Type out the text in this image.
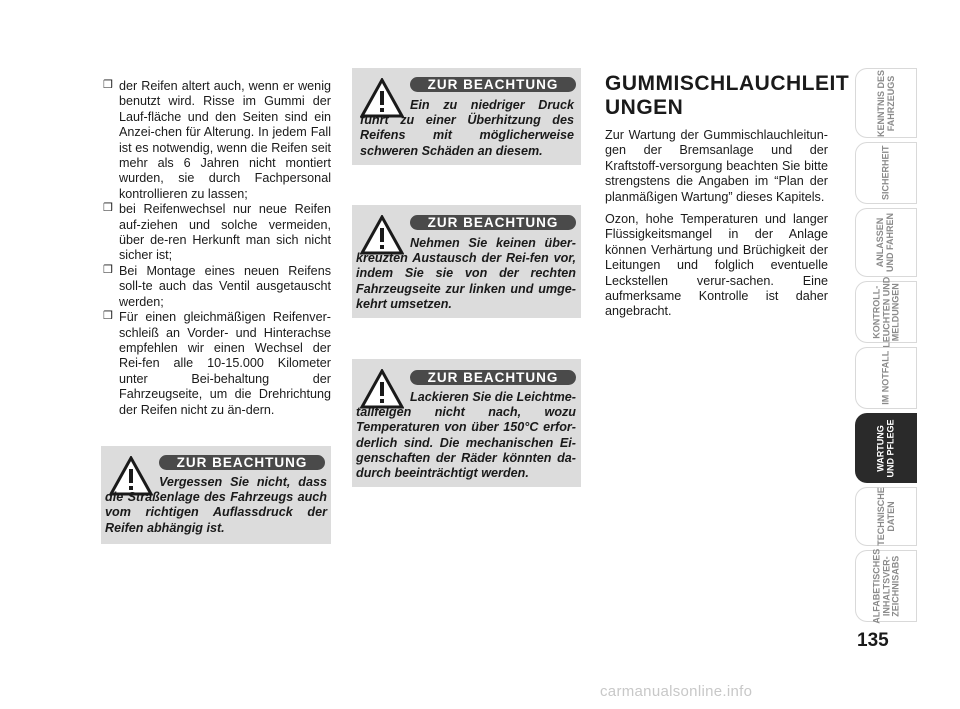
❒ der Reifen altert auch, wenn er wenig benutzt wird. Risse im Gummi der Lauf-fläche und den Seiten sind ein Anzei-chen für Alterung. In jedem Fall ist es notwendig, wenn die Reifen seit mehr als 6 Jahren nicht montiert wurden, sie durch Fachpersonal kontrollieren zu lassen;
❒ bei Reifenwechsel nur neue Reifen auf-ziehen und solche vermeiden, über de-ren Herkunft man sich nicht sicher ist;
❒ Bei Montage eines neuen Reifens soll-te auch das Ventil ausgetauscht werden;
❒ Für einen gleichmäßigen Reifenver-schleiß an Vorder- und Hinterachse empfehlen wir einen Wechsel der Rei-fen alle 10-15.000 Kilometer unter Bei-behaltung der Fahrzeugseite, um die Drehrichtung der Reifen nicht zu än-dern.
ZUR BEACHTUNG
Ein zu niedriger Druck führt zu einer Überhitzung des Reifens mit möglicherweise schweren Schäden an diesem.
ZUR BEACHTUNG
Nehmen Sie keinen über-kreuzten Austausch der Rei-fen vor, indem Sie sie von der rechten Fahrzeugseite zur linken und umge-kehrt umsetzen.
ZUR BEACHTUNG
Lackieren Sie die Leichtme-tallfelgen nicht nach, wozu Temperaturen von über 150°C erfor-derlich sind. Die mechanischen Ei-genschaften der Räder könnten da-durch beeinträchtigt werden.
ZUR BEACHTUNG
Vergessen Sie nicht, dass die Straßenlage des Fahrzeugs auch vom richtigen Auflassdruck der Reifen abhängig ist.
GUMMISCHLAUCHLEIT
UNGEN

Zur Wartung der Gummischlauchleitun-gen der Bremsanlage und der Kraftstoff-versorgung beachten Sie bitte strengstens die Angaben im “Plan der planmäßigen Wartung” dieses Kapitels.

Ozon, hohe Temperaturen und langer Flüssigkeitsmangel in der Anlage können Verhärtung und Brüchigkeit der Leitungen und folglich eventuelle Leckstellen verur-sachen. Eine aufmerksame Kontrolle ist daher angebracht.

KENNTNIS DES
FAHRZEUGS
SICHERHEIT
ANLASSEN
UND FAHREN
KONTROLL-
LEUCHTEN UND
MELDUNGEN
IM NOTFALL
WARTUNG
UND PFLEGE
TECHNISCHE
DATEN
ALFABETISCHES
INHALTSVER-
ZEICHNISABS
135
carmanualsonline.info
